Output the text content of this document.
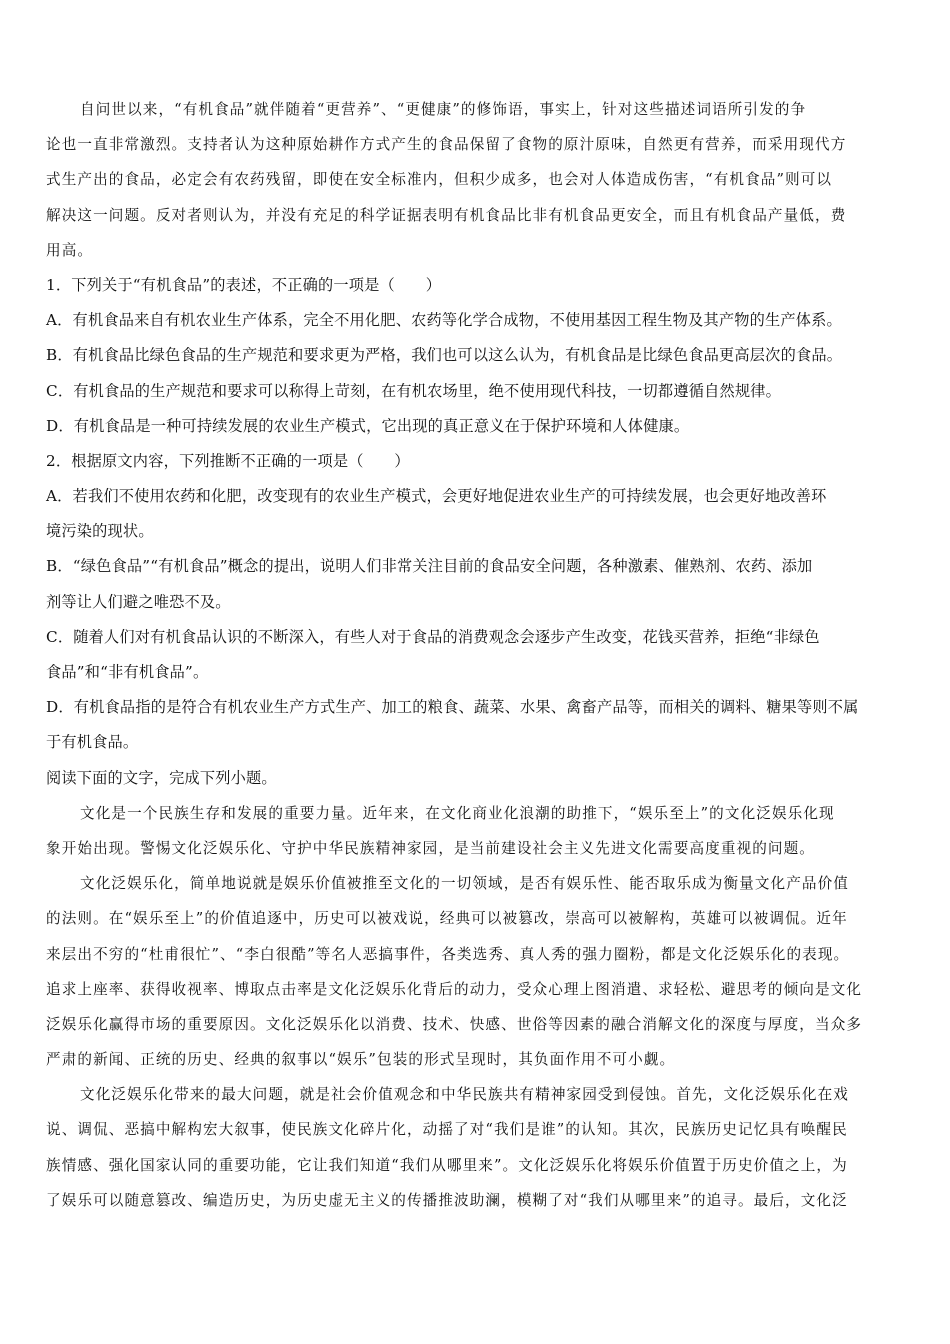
自问世以来，“有机食品”就伴随着“更营养”、“更健康”的修饰语，事实上，针对这些描述词语所引发的争
论也一直非常激烈。支持者认为这种原始耕作方式产生的食品保留了食物的原汁原味，自然更有营养，而采用现代方
式生产出的食品，必定会有农药残留，即使在安全标准内，但积少成多，也会对人体造成伤害，“有机食品”则可以
解决这一问题。反对者则认为，并没有充足的科学证据表明有机食品比非有机食品更安全，而且有机食品产量低，费
用高。
1．下列关于“有机食品”的表述，不正确的一项是（　　）
A．有机食品来自有机农业生产体系，完全不用化肥、农药等化学合成物，不使用基因工程生物及其产物的生产体系。
B．有机食品比绿色食品的生产规范和要求更为严格，我们也可以这么认为，有机食品是比绿色食品更高层次的食品。
C．有机食品的生产规范和要求可以称得上苛刻，在有机农场里，绝不使用现代科技，一切都遵循自然规律。
D．有机食品是一种可持续发展的农业生产模式，它出现的真正意义在于保护环境和人体健康。
2．根据原文内容，下列推断不正确的一项是（　　）
A．若我们不使用农药和化肥，改变现有的农业生产模式，会更好地促进农业生产的可持续发展，也会更好地改善环
境污染的现状。
B．“绿色食品”“有机食品”概念的提出，说明人们非常关注目前的食品安全问题，各种激素、催熟剂、农药、添加
剂等让人们避之唯恐不及。
C．随着人们对有机食品认识的不断深入，有些人对于食品的消费观念会逐步产生改变，花钱买营养，拒绝“非绿色
食品”和“非有机食品”。
D．有机食品指的是符合有机农业生产方式生产、加工的粮食、蔬菜、水果、禽畜产品等，而相关的调料、糖果等则不属
于有机食品。
阅读下面的文字，完成下列小题。
文化是一个民族生存和发展的重要力量。近年来，在文化商业化浪潮的助推下，“娱乐至上”的文化泛娱乐化现
象开始出现。警惕文化泛娱乐化、守护中华民族精神家园，是当前建设社会主义先进文化需要高度重视的问题。
文化泛娱乐化，简单地说就是娱乐价值被推至文化的一切领域，是否有娱乐性、能否取乐成为衡量文化产品价值
的法则。在“娱乐至上”的价值追逐中，历史可以被戏说，经典可以被篡改，崇高可以被解构，英雄可以被调侃。近年
来层出不穷的“杜甫很忙”、“李白很酷”等名人恶搞事件，各类选秀、真人秀的强力圈粉，都是文化泛娱乐化的表现。
追求上座率、获得收视率、博取点击率是文化泛娱乐化背后的动力，受众心理上图消遣、求轻松、避思考的倾向是文化
泛娱乐化赢得市场的重要原因。文化泛娱乐化以消费、技术、快感、世俗等因素的融合消解文化的深度与厚度，当众多
严肃的新闻、正统的历史、经典的叙事以“娱乐”包装的形式呈现时，其负面作用不可小觑。
文化泛娱乐化带来的最大问题，就是社会价值观念和中华民族共有精神家园受到侵蚀。首先，文化泛娱乐化在戏
说、调侃、恶搞中解构宏大叙事，使民族文化碎片化，动摇了对“我们是谁”的认知。其次，民族历史记忆具有唤醒民
族情感、强化国家认同的重要功能，它让我们知道“我们从哪里来”。文化泛娱乐化将娱乐价值置于历史价值之上，为
了娱乐可以随意篡改、编造历史，为历史虚无主义的传播推波助澜，模糊了对“我们从哪里来”的追寻。最后，文化泛
